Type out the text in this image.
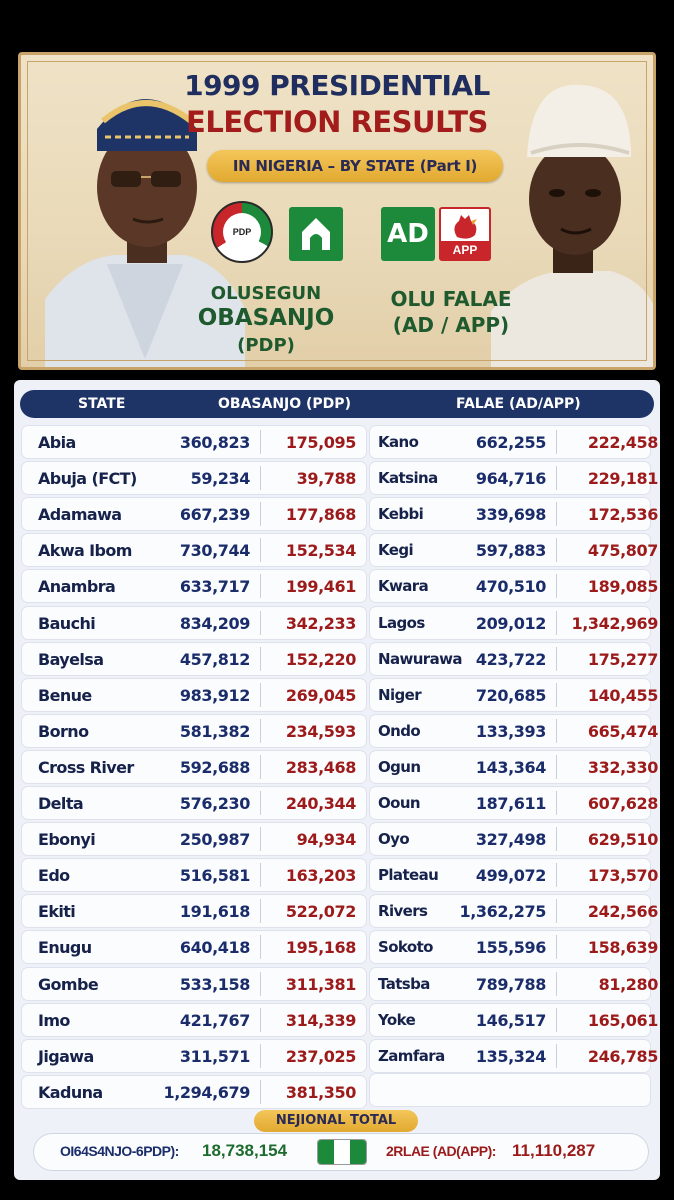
1999 PRESIDENTIAL
ELECTION RESULTS
IN NIGERIA – BY STATE (Part I)
PDP	AD
APP
OLUSEGUN
OBASANJO
(PDP)
OLU FALAE
(AD / APP)
STATE	OBASANJO (PDP)	FALAE (AD/APP)
Abia	360,823 175,095
Abuja (FCT)	59,234	39,788
Adamawa	667,239 177,868
Akwa Ibom	730,744 152,534
Anambra	633,717 199,461
Bauchi	834,209 342,233
Bayelsa	457,812 152,220
Benue	983,912 269,045
Borno	581,382 234,593
Cross River	592,688 283,468
Delta	576,230 240,344
Ebonyi	250,987	94,934
Edo	516,581 163,203
Ekiti	191,618 522,072
Enugu	640,418 195,168
Gombe	533,158 311,381
Imo	421,767 314,339
Jigawa	311,571 237,025
Kaduna	1,294,679 381,350
Kano	662,255	222,458
Katsina 964,716	229,181
Kebbi	339,698	172,536
Kegi	597,883	475,807
Kwara	470,510	189,085
Lagos	209,012 1,342,969
Nawurawa 423,722	175,277
Niger	720,685	140,455
Ondo	133,393	665,474
Ogun	143,364	332,330
Ooun	187,611	607,628
Oyo	327,498	629,510
Plateau 499,072	173,570
Rivers 1,362,275	242,566
Sokoto	155,596	158,639
Tatsba	789,788	81,280
Yoke	146,517	165,061
Zamfara 135,324	246,785
NEJIONAL TOTAL
OI64S4NJO-6PDP): 18,738,154	2RLAE (AD(APP): 11,110,287
